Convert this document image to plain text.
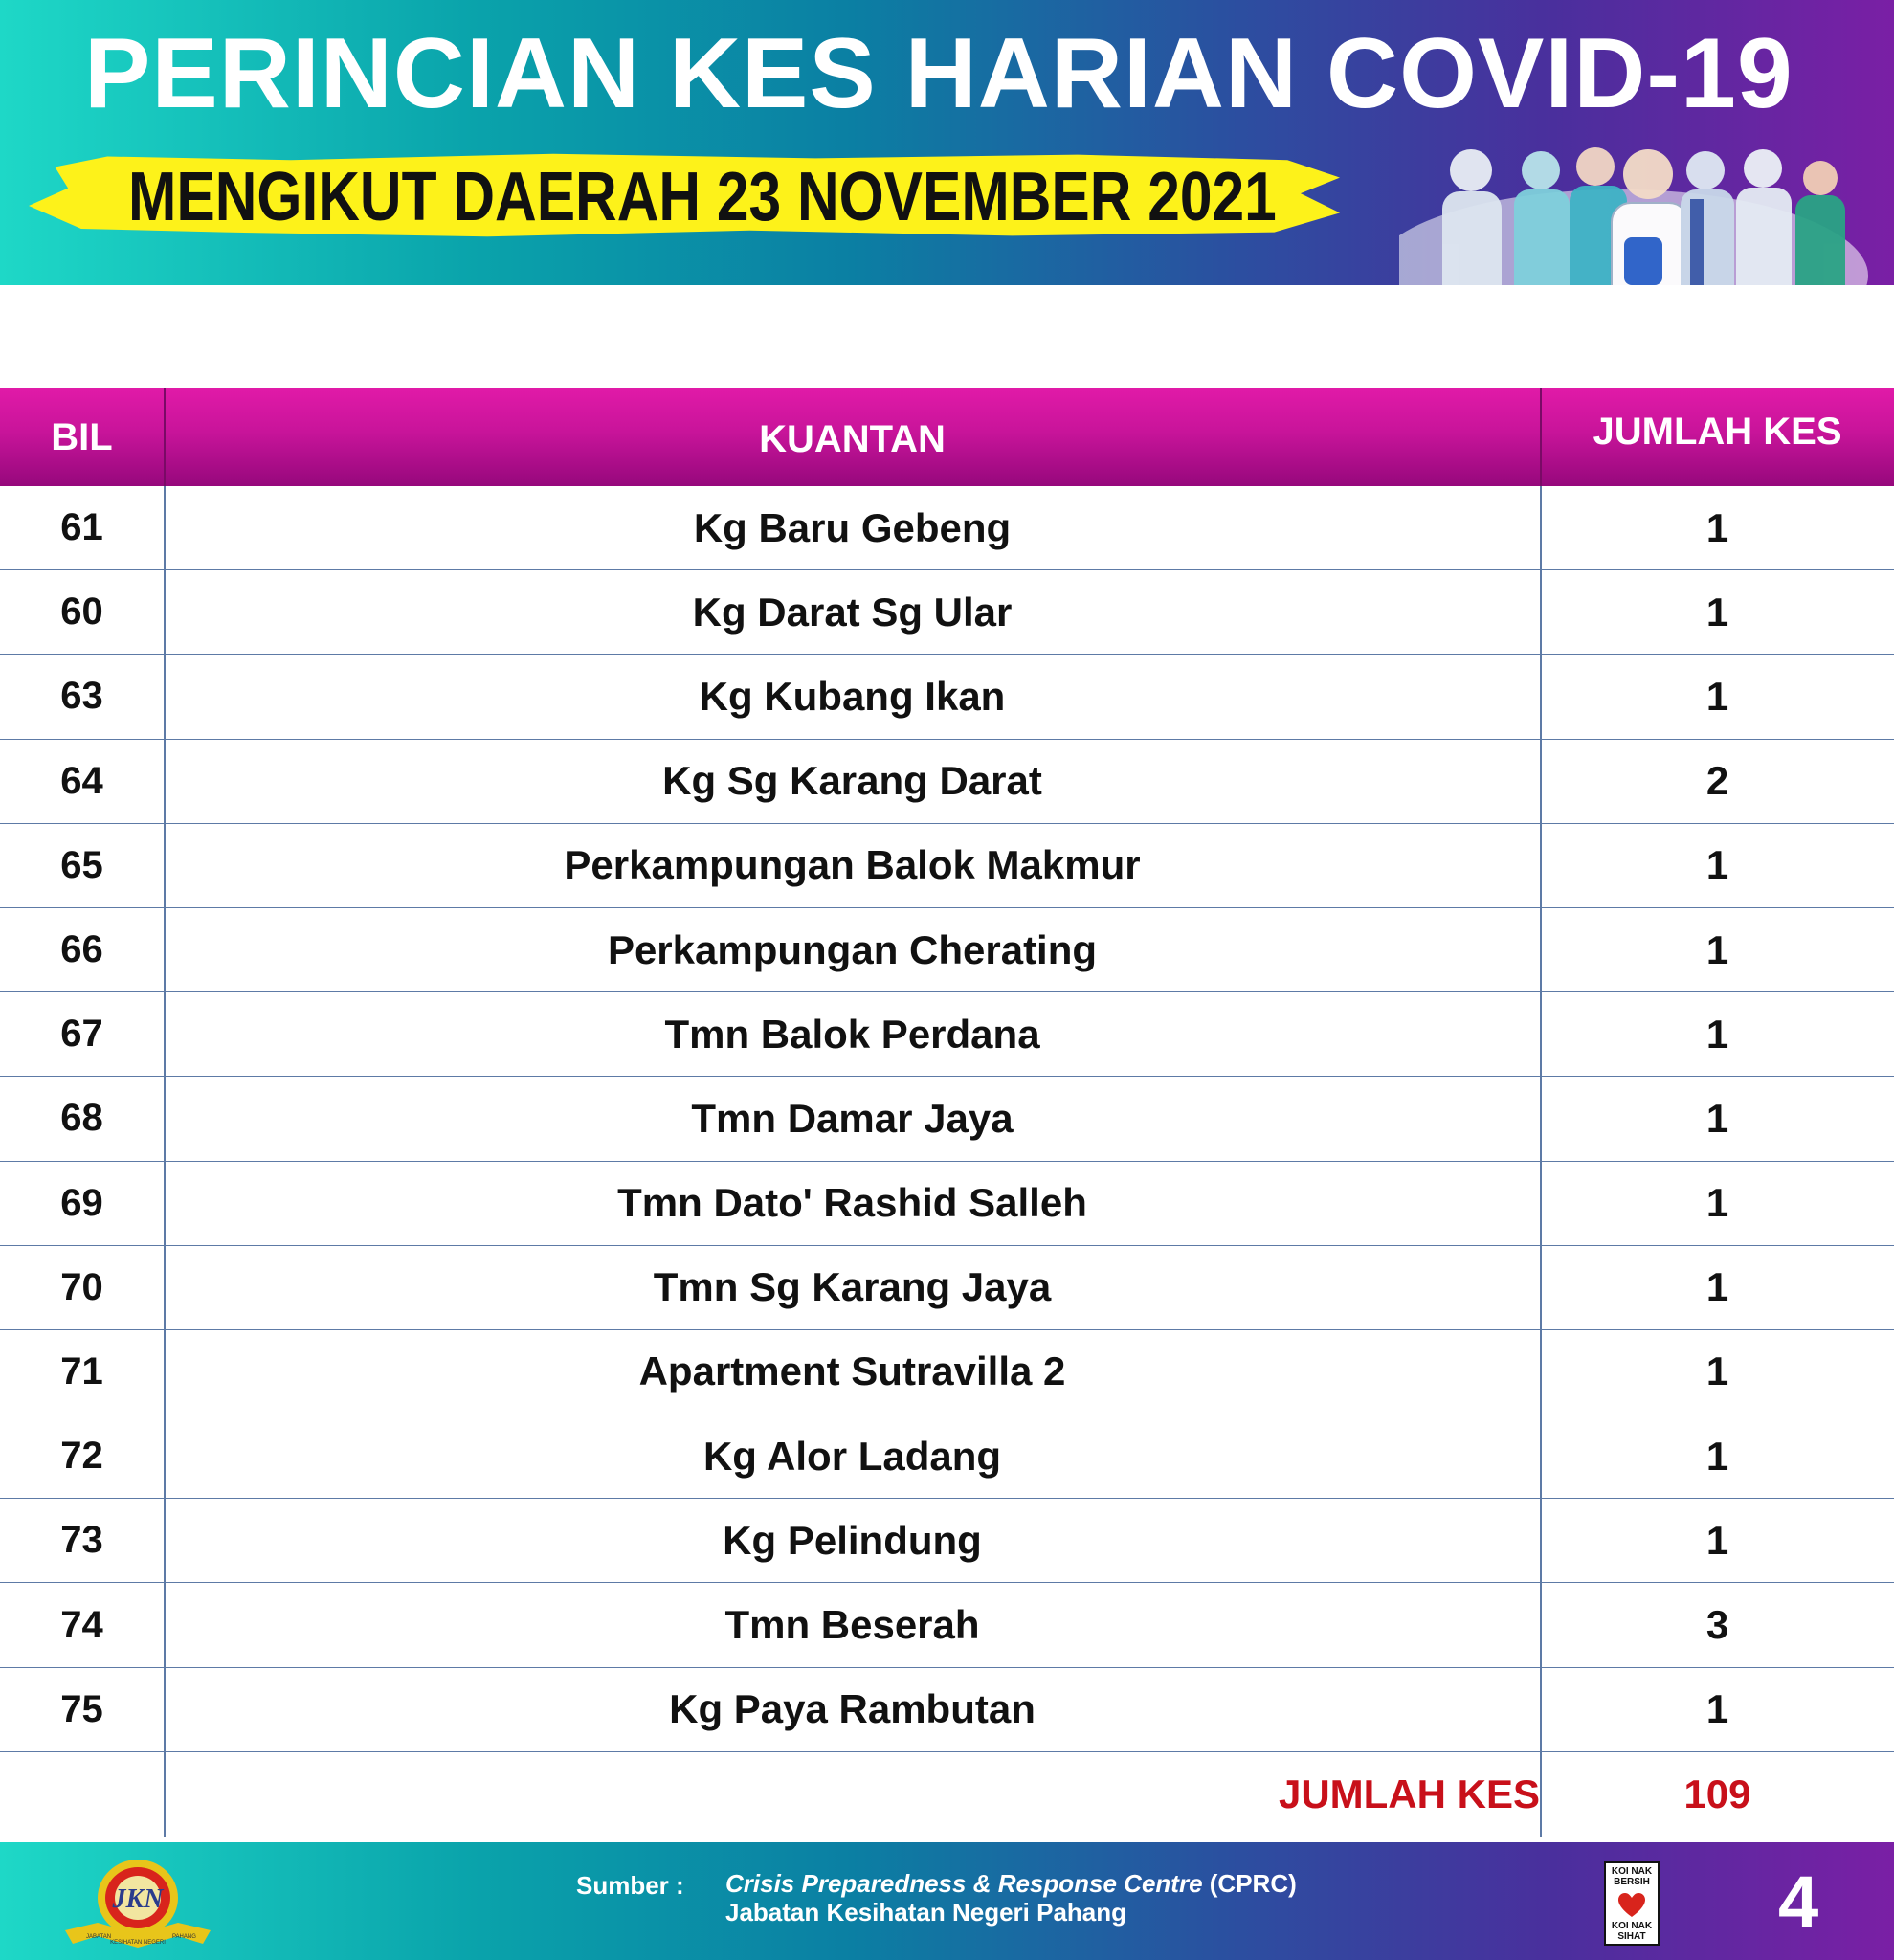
PERINCIAN KES HARIAN COVID-19
MENGIKUT DAERAH 23 NOVEMBER 2021
BIL	KUANTAN	JUMLAH KES
61	Kg Baru Gebeng	1
60	Kg Darat Sg Ular	1
63	Kg Kubang Ikan	1
64	Kg Sg Karang Darat	2
65	Perkampungan Balok Makmur	1
66	Perkampungan Cherating	1
67	Tmn Balok Perdana	1
68	Tmn Damar Jaya	1
69	Tmn Dato' Rashid Salleh	1
70	Tmn Sg Karang Jaya	1
71	Apartment Sutravilla 2	1
72	Kg Alor Ladang	1
73	Kg Pelindung	1
74	Tmn Beserah	3
75	Kg Paya Rambutan	1
JUMLAH KES	109
JKN
JABATAN
KESIHATAN NEGERI
PAHANG
Sumber : Crisis Preparedness & Response Centre (CPRC)
Jabatan Kesihatan Negeri Pahang
KOI NAK BERSIH
KOI NAK SIHAT 4
